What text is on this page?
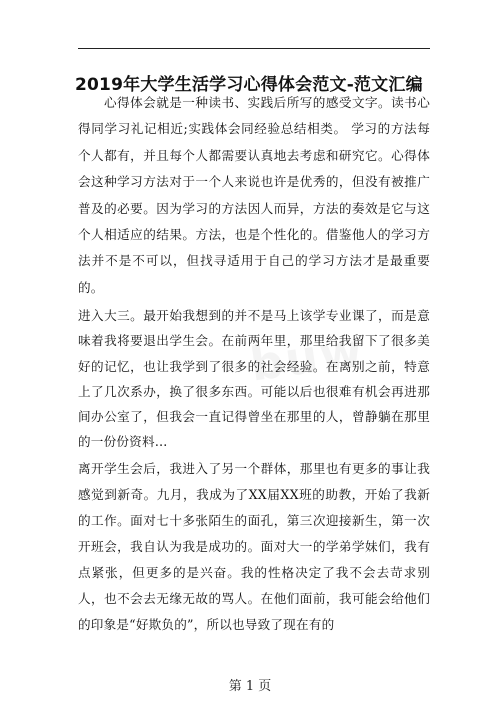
2019年大学生活学习心得体会范文-范文汇编

心得体会就是一种读书、实践后所写的感受文字。读书心得同学习礼记相近;实践体会同经验总结相类。 学习的方法每个人都有，并且每个人都需要认真地去考虑和研究它。心得体会这种学习方法对于一个人来说也许是优秀的，但没有被推广普及的必要。因为学习的方法因人而异，方法的奏效是它与这个人相适应的结果。方法，也是个性化的。借鉴他人的学习方法并不是不可以，但找寻适用于自己的学习方法才是最重要的。

进入大三。最开始我想到的并不是马上该学专业课了，而是意味着我将要退出学生会。在前两年里，那里给我留下了很多美好的记忆，也让我学到了很多的社会经验。在离别之前，特意上了几次系办，换了很多东西。可能以后也很难有机会再进那间办公室了，但我会一直记得曾坐在那里的人，曾静躺在那里的一份份资料…

离开学生会后，我进入了另一个群体，那里也有更多的事让我感觉到新奇。九月，我成为了XX届XX班的助教，开始了我新的工作。面对七十多张陌生的面孔，第三次迎接新生，第一次开班会，我自认为我是成功的。面对大一的学弟学妹们，我有点紧张，但更多的是兴奋。我的性格决定了我不会去苛求别人，也不会去无缘无故的骂人。在他们面前，我可能会给他们的印象是“好欺负的”，所以也导致了现在有的

第 1 页
